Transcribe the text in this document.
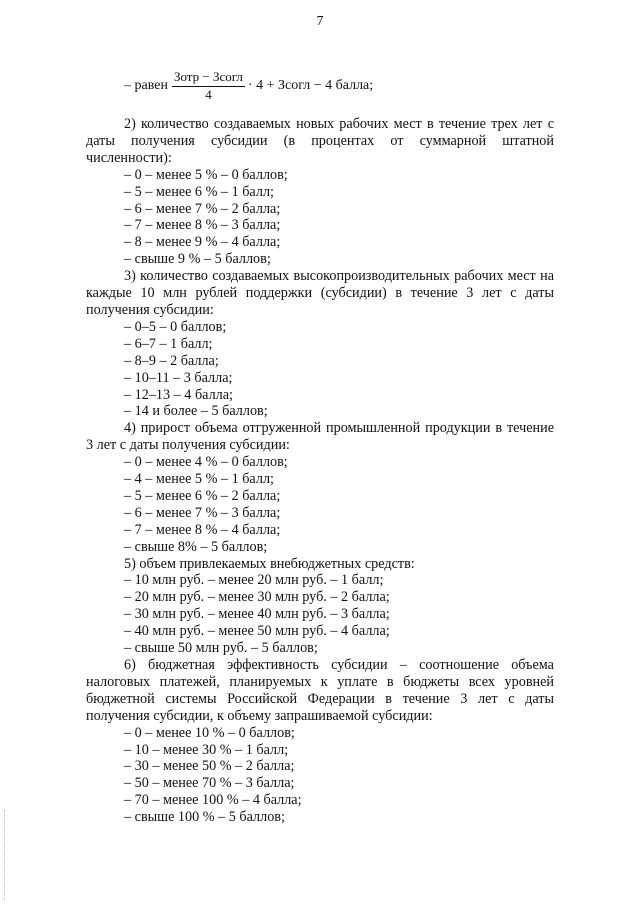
7
– равен $\frac{\text{Зотр − Зсогл}}{4} \cdot 4$ + Зсогл − 4 балла;

2) количество создаваемых новых рабочих мест в течение трех лет с даты получения субсидии (в процентах от суммарной штатной численности):

– 0 – менее 5 % – 0 баллов;

– 5 – менее 6 % – 1 балл;

– 6 – менее 7 % – 2 балла;

– 7 – менее 8 % – 3 балла;

– 8 – менее 9 % – 4 балла;

– свыше 9 % – 5 баллов;

3) количество создаваемых высокопроизводительных рабочих мест на каждые 10 млн рублей поддержки (субсидии) в течение 3 лет с даты получения субсидии:

– 0–5 – 0 баллов;

– 6–7 – 1 балл;

– 8–9 – 2 балла;

– 10–11 – 3 балла;

– 12–13 – 4 балла;

– 14 и более – 5 баллов;

4) прирост объема отгруженной промышленной продукции в течение 3 лет с даты получения субсидии:

– 0 – менее 4 % – 0 баллов;

– 4 – менее 5 % – 1 балл;

– 5 – менее 6 % – 2 балла;

– 6 – менее 7 % – 3 балла;

– 7 – менее 8 % – 4 балла;

– свыше 8% – 5 баллов;

5) объем привлекаемых внебюджетных средств:

– 10 млн руб. – менее 20 млн руб. – 1 балл;

– 20 млн руб. – менее 30 млн руб. – 2 балла;

– 30 млн руб. – менее 40 млн руб. – 3 балла;

– 40 млн руб. – менее 50 млн руб. – 4 балла;

– свыше 50 млн руб. – 5 баллов;

6) бюджетная эффективность субсидии – соотношение объема налоговых платежей, планируемых к уплате в бюджеты всех уровней бюджетной системы Российской Федерации в течение 3 лет с даты получения субсидии, к объему запрашиваемой субсидии:

– 0 – менее 10 % – 0 баллов;

– 10 – менее 30 % – 1 балл;

– 30 – менее 50 % – 2 балла;

– 50 – менее 70 % – 3 балла;

– 70 – менее 100 % – 4 балла;

– свыше 100 % – 5 баллов;
